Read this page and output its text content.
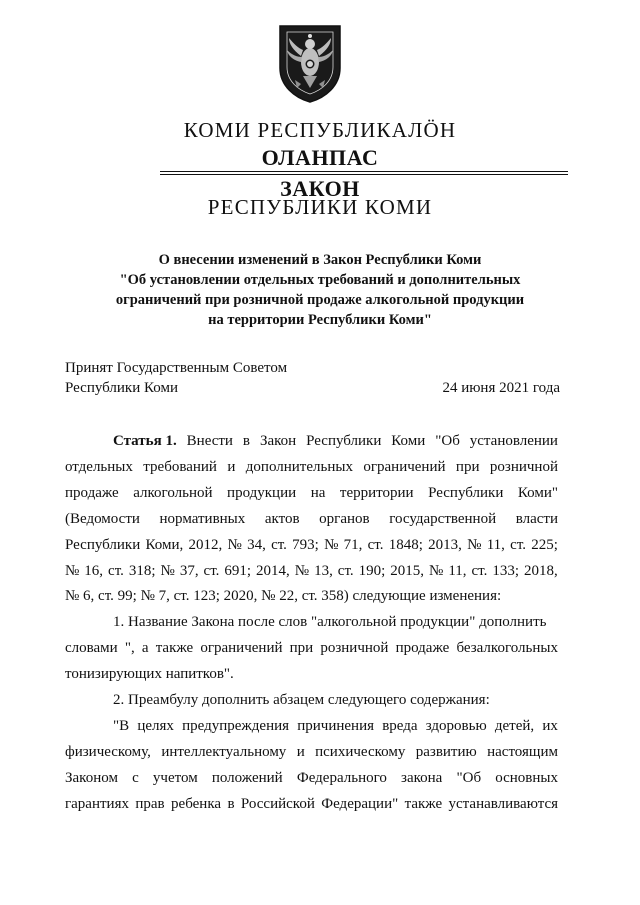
КОМИ РЕСПУБЛИКАЛÖН
ОЛАНПАС
ЗАКОН
РЕСПУБЛИКИ КОМИ
О внесении изменений в Закон Республики Коми
"Об установлении отдельных требований и дополнительных
ограничений при розничной продаже алкогольной продукции
на территории Республики Коми"
Принят Государственным Советом
Республики Коми	24 июня 2021 года
Статья 1. Внести в Закон Республики Коми "Об установлении
отдельных требований и дополнительных ограничений при розничной
продаже алкогольной продукции на территории Республики Коми"
(Ведомости нормативных актов органов государственной власти
Республики Коми, 2012, № 34, ст. 793; № 71, ст. 1848; 2013, № 11, ст. 225;
№ 16, ст. 318; № 37, ст. 691; 2014, № 13, ст. 190; 2015, № 11, ст. 133; 2018,
№ 6, ст. 99; № 7, ст. 123; 2020, № 22, ст. 358) следующие изменения:
1. Название Закона после слов "алкогольной продукции" дополнить
словами ", а также ограничений при розничной продаже безалкогольных
тонизирующих напитков".
2. Преамбулу дополнить абзацем следующего содержания:
"В целях предупреждения причинения вреда здоровью детей, их
физическому, интеллектуальному и психическому развитию настоящим
Законом с учетом положений Федерального закона "Об основных
гарантиях прав ребенка в Российской Федерации" также устанавливаются
